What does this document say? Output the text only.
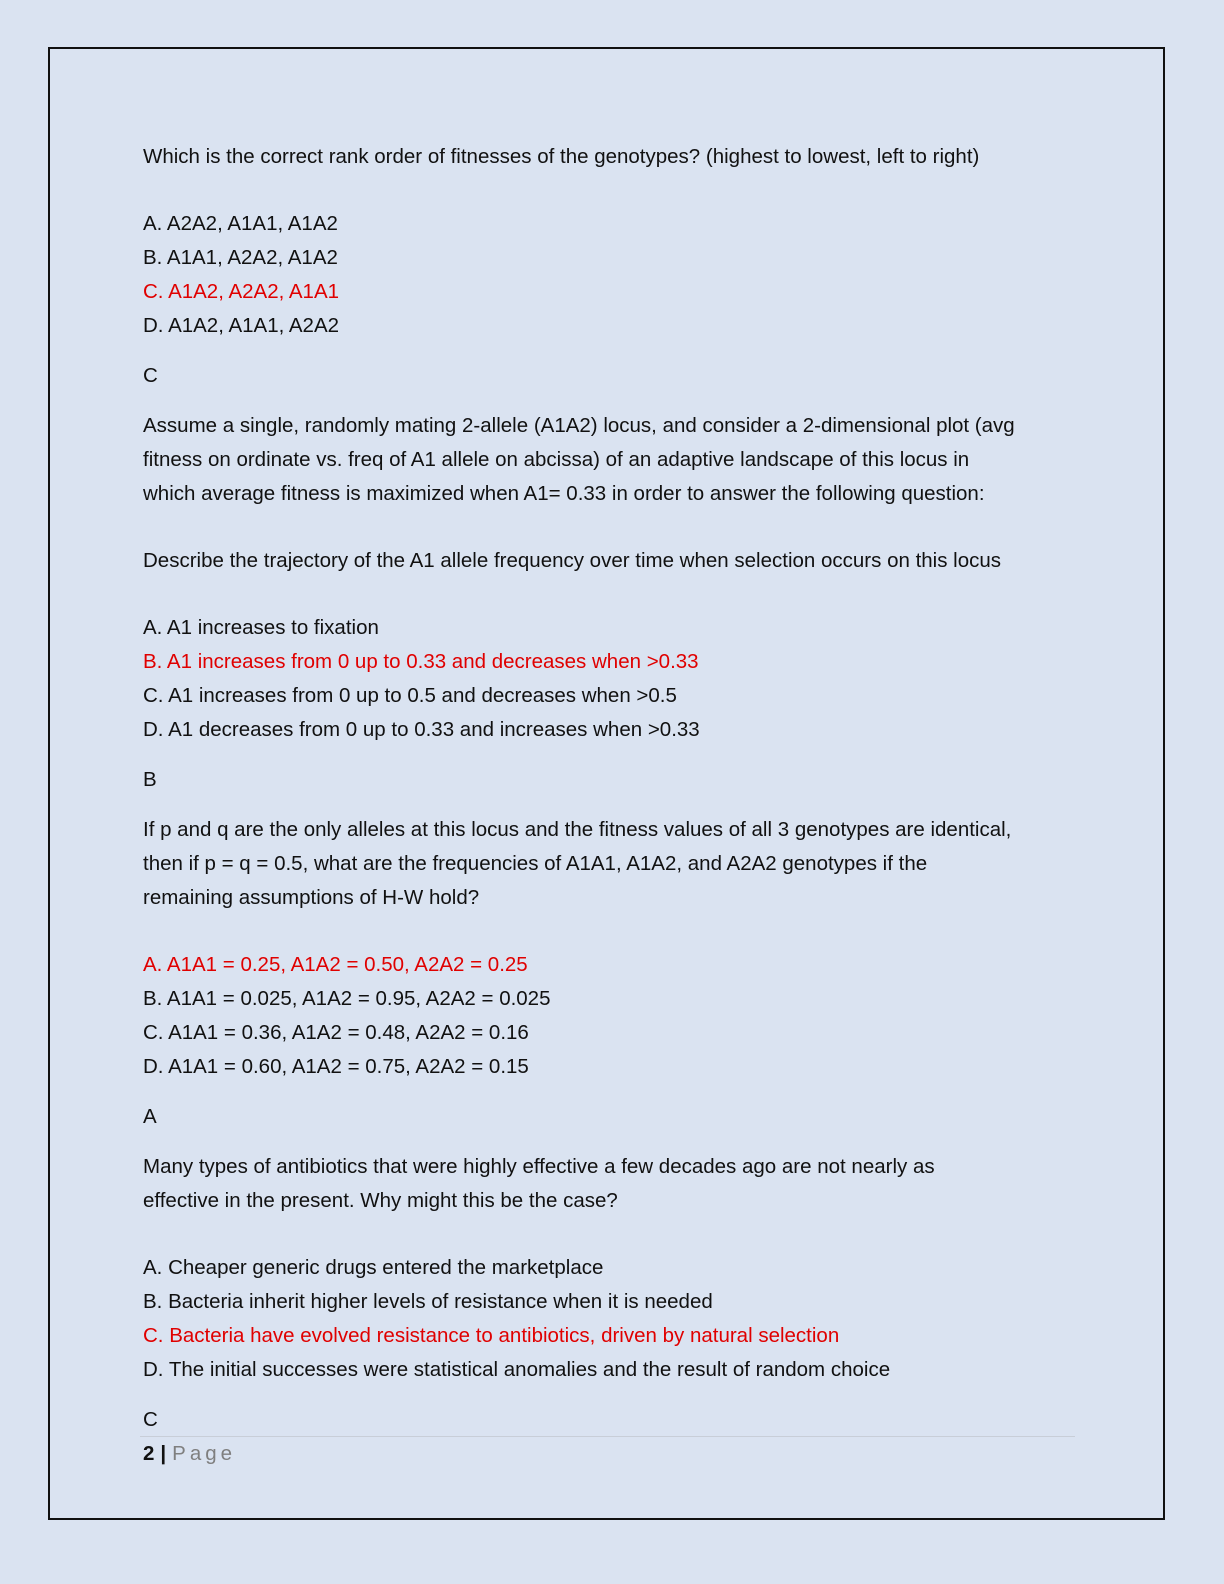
Which is the correct rank order of fitnesses of the genotypes? (highest to lowest, left to right)

A. A2A2, A1A1, A1A2

B. A1A1, A2A2, A1A2

C. A1A2, A2A2, A1A1

D. A1A2, A1A1, A2A2

C

Assume a single, randomly mating 2-allele (A1A2) locus, and consider a 2-dimensional plot (avg

fitness on ordinate vs. freq of A1 allele on abcissa) of an adaptive landscape of this locus in

which average fitness is maximized when A1= 0.33 in order to answer the following question:

Describe the trajectory of the A1 allele frequency over time when selection occurs on this locus

A. A1 increases to fixation

B. A1 increases from 0 up to 0.33 and decreases when >0.33

C. A1 increases from 0 up to 0.5 and decreases when >0.5

D. A1 decreases from 0 up to 0.33 and increases when >0.33

B

If p and q are the only alleles at this locus and the fitness values of all 3 genotypes are identical,

then if p = q = 0.5, what are the frequencies of A1A1, A1A2, and A2A2 genotypes if the

remaining assumptions of H-W hold?

A. A1A1 = 0.25, A1A2 = 0.50, A2A2 = 0.25

B. A1A1 = 0.025, A1A2 = 0.95, A2A2 = 0.025

C. A1A1 = 0.36, A1A2 = 0.48, A2A2 = 0.16

D. A1A1 = 0.60, A1A2 = 0.75, A2A2 = 0.15

A

Many types of antibiotics that were highly effective a few decades ago are not nearly as

effective in the present. Why might this be the case?

A. Cheaper generic drugs entered the marketplace

B. Bacteria inherit higher levels of resistance when it is needed

C. Bacteria have evolved resistance to antibiotics, driven by natural selection

D. The initial successes were statistical anomalies and the result of random choice

C

2 | Page
